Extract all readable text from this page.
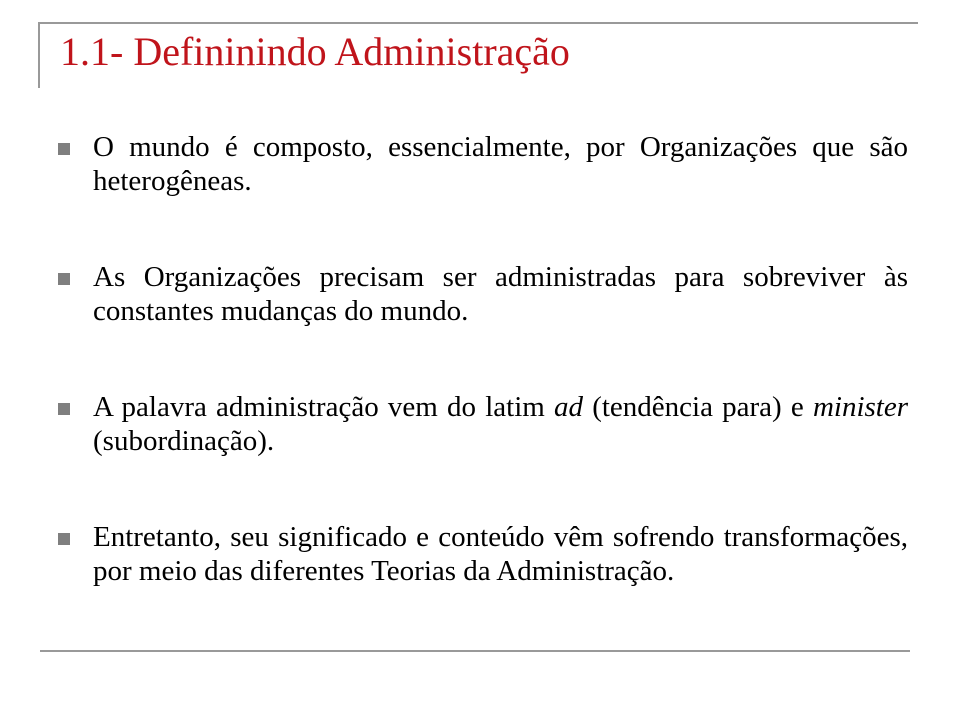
1.1- Defininindo Administração

O mundo é composto, essencialmente, por Organizações que são heterogêneas.

As Organizações precisam ser administradas para sobreviver às constantes mudanças do mundo.

A palavra administração vem do latim ad (tendência para) e minister (subordinação).

Entretanto, seu significado e conteúdo vêm sofrendo transformações, por meio das diferentes Teorias da Administração.
